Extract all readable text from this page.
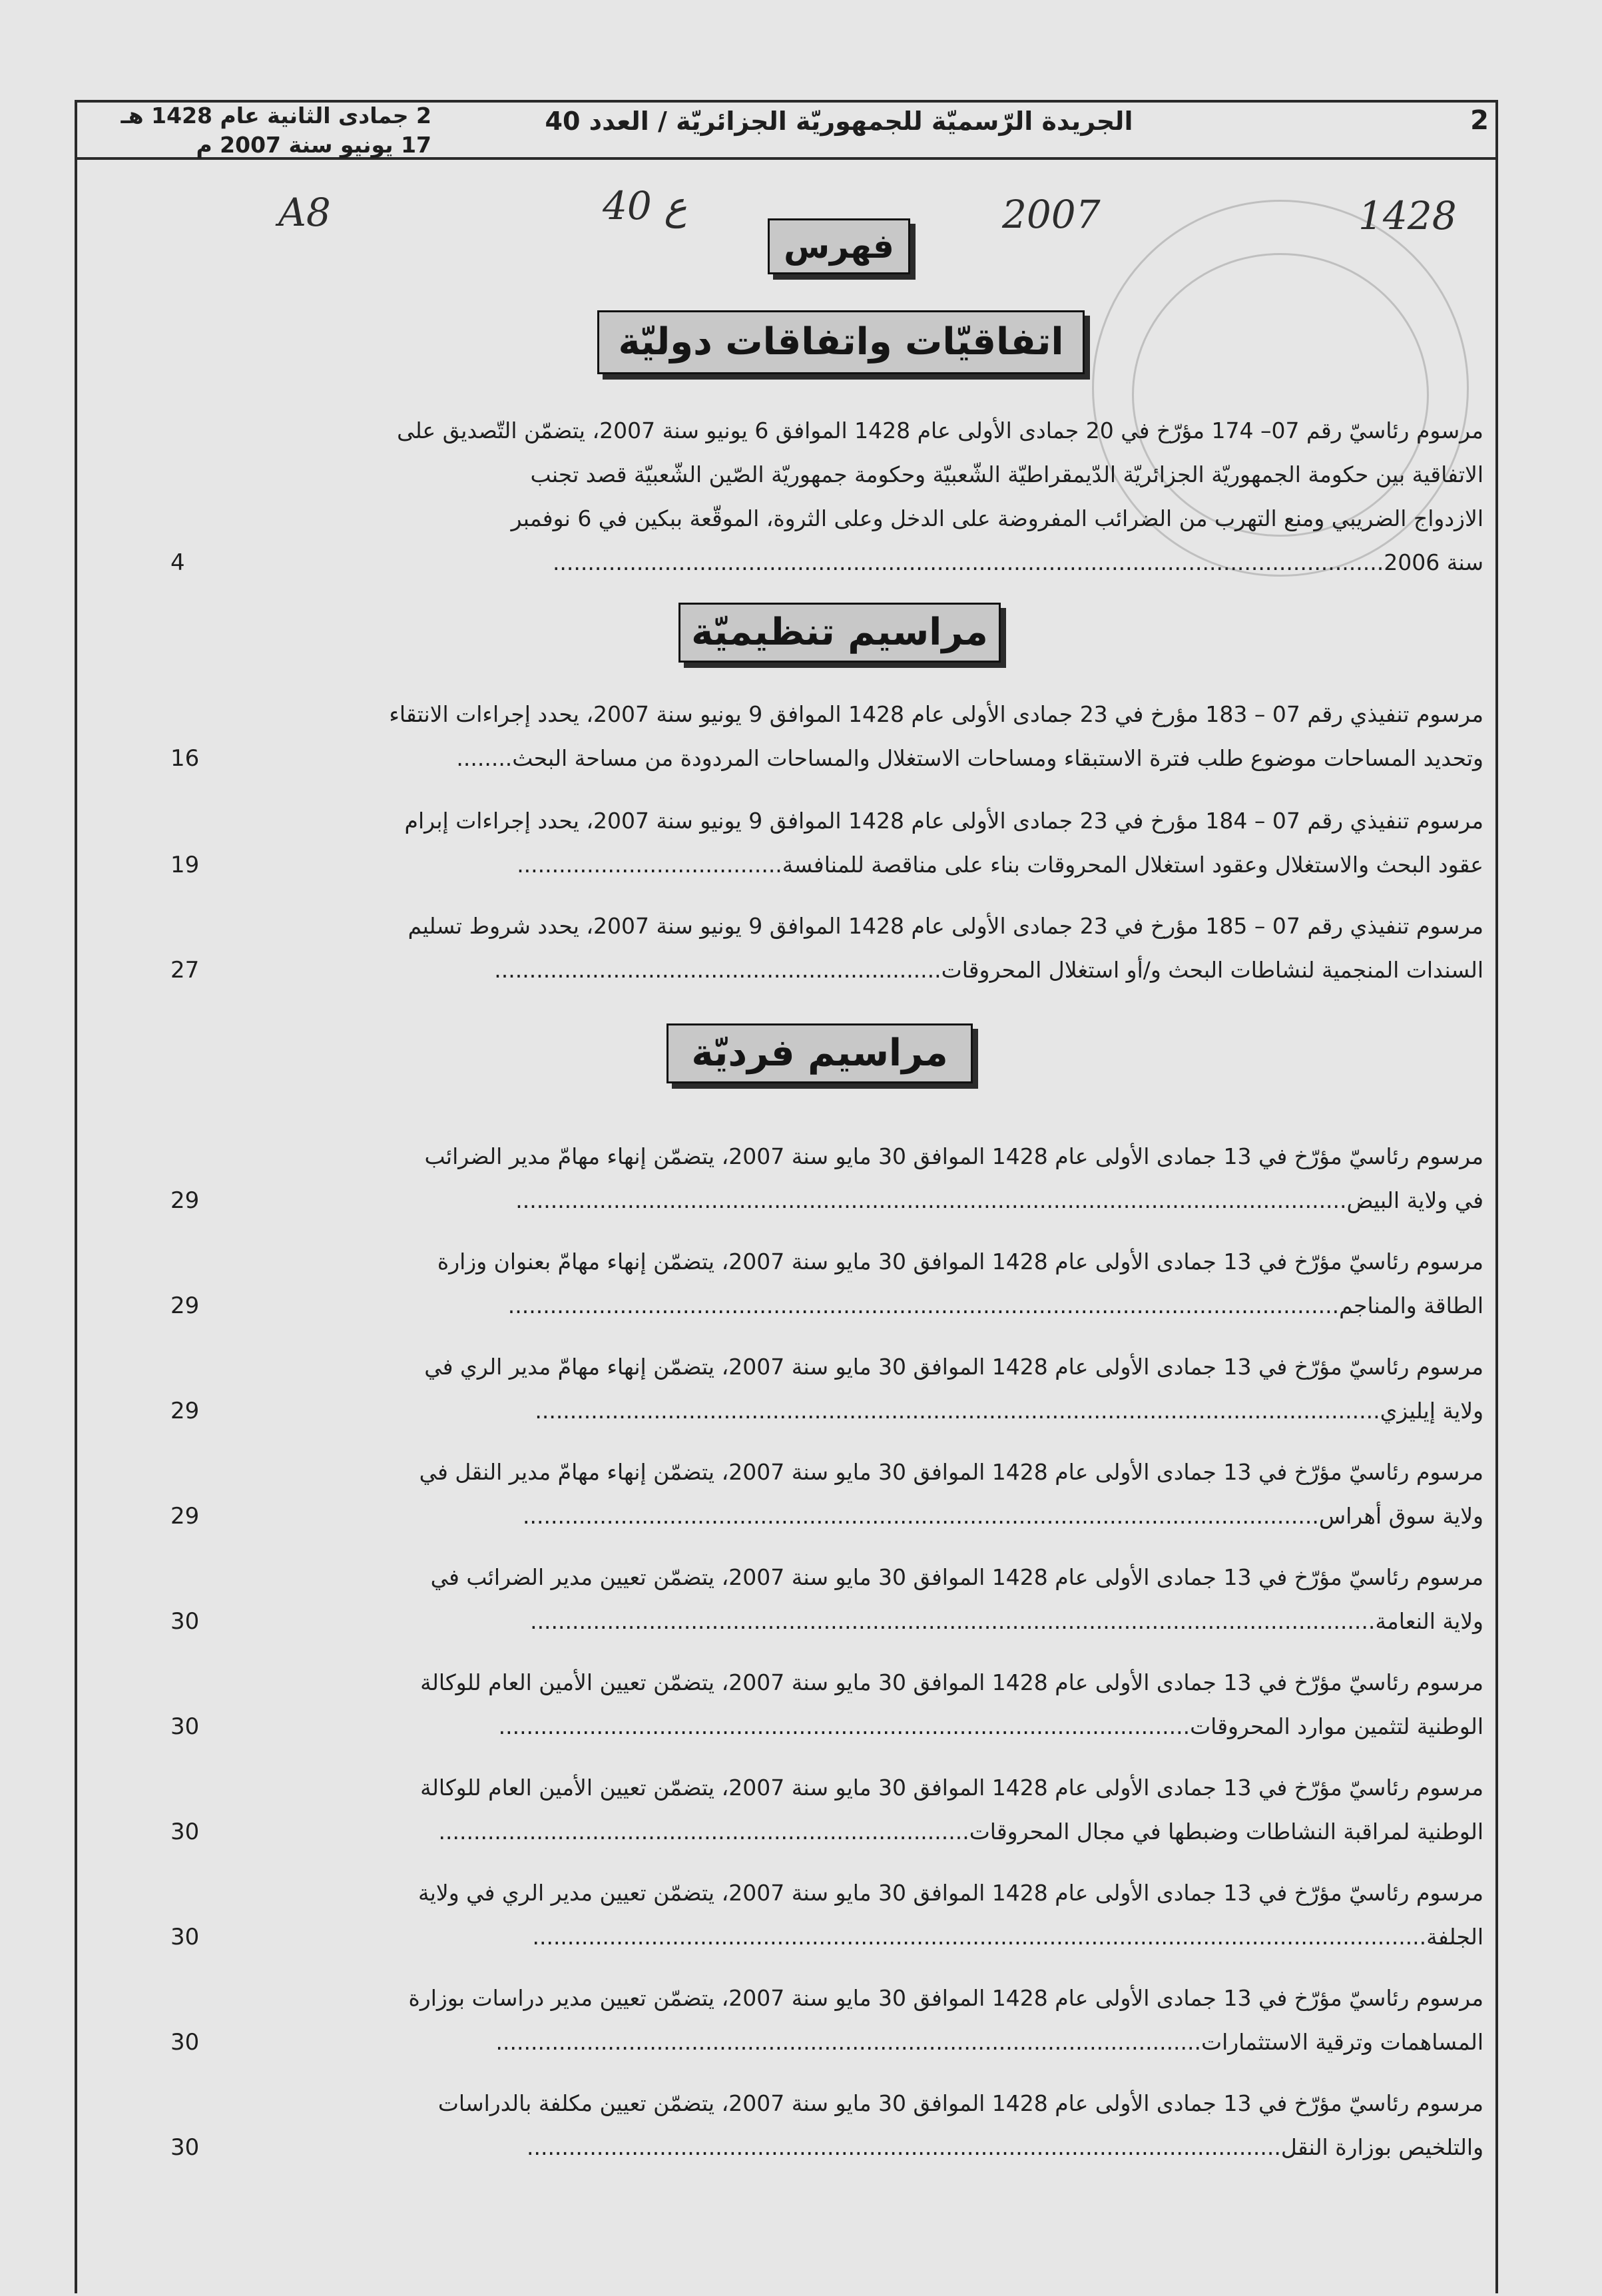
2 جمادى الثانية عام 1428 هـ
17 يونيو سنة 2007 م
الجريدة الرّسميّة للجمهوريّة الجزائريّة / العدد 40	2
A8	40 ع	2007	1428
فهرس
اتفاقيّات واتفاقات دوليّة
مراسيم تنظيميّة
مراسيم فرديّة
مرسوم رئاسيّ رقم 07– 174 مؤرّخ في 20 جمادى الأولى عام 1428 الموافق 6 يونيو سنة 2007، يتضمّن التّصديق على
الاتفاقية بين حكومة الجمهوريّة الجزائريّة الدّيمقراطيّة الشّعبيّة وحكومة جمهوريّة الصّين الشّعبيّة قصد تجنب
الازدواج الضريبي ومنع التهرب من الضرائب المفروضة على الدخل وعلى الثروة، الموقّعة ببكين في 6 نوفمبر
سنة 2006.......................................................................................................................
4
مرسوم تنفيذي رقم 07 – 183 مؤرخ في 23 جمادى الأولى عام 1428 الموافق 9 يونيو سنة 2007، يحدد إجراءات الانتقاء
وتحديد المساحات موضوع طلب فترة الاستبقاء ومساحات الاستغلال والمساحات المردودة من مساحة البحث........
16
مرسوم تنفيذي رقم 07 – 184 مؤرخ في 23 جمادى الأولى عام 1428 الموافق 9 يونيو سنة 2007، يحدد إجراءات إبرام
عقود البحث والاستغلال وعقود استغلال المحروقات بناء على مناقصة للمنافسة......................................
19
مرسوم تنفيذي رقم 07 – 185 مؤرخ في 23 جمادى الأولى عام 1428 الموافق 9 يونيو سنة 2007، يحدد شروط تسليم
السندات المنجمية لنشاطات البحث و/أو استغلال المحروقات................................................................
27
مرسوم رئاسيّ مؤرّخ في 13 جمادى الأولى عام 1428 الموافق 30 مايو سنة 2007، يتضمّن إنهاء مهامّ مدير الضرائب
في ولاية البيض.......................................................................................................................
29
مرسوم رئاسيّ مؤرّخ في 13 جمادى الأولى عام 1428 الموافق 30 مايو سنة 2007، يتضمّن إنهاء مهامّ بعنوان وزارة
الطاقة والمناجم.......................................................................................................................
29
مرسوم رئاسيّ مؤرّخ في 13 جمادى الأولى عام 1428 الموافق 30 مايو سنة 2007، يتضمّن إنهاء مهامّ مدير الري في
ولاية إيليزي.........................................................................................................................
29
مرسوم رئاسيّ مؤرّخ في 13 جمادى الأولى عام 1428 الموافق 30 مايو سنة 2007، يتضمّن إنهاء مهامّ مدير النقل في
ولاية سوق أهراس..................................................................................................................
29
مرسوم رئاسيّ مؤرّخ في 13 جمادى الأولى عام 1428 الموافق 30 مايو سنة 2007، يتضمّن تعيين مدير الضرائب في
ولاية النعامة.........................................................................................................................
30
مرسوم رئاسيّ مؤرّخ في 13 جمادى الأولى عام 1428 الموافق 30 مايو سنة 2007، يتضمّن تعيين الأمين العام للوكالة
الوطنية لتثمين موارد المحروقات...................................................................................................
30
مرسوم رئاسيّ مؤرّخ في 13 جمادى الأولى عام 1428 الموافق 30 مايو سنة 2007، يتضمّن تعيين الأمين العام للوكالة
الوطنية لمراقبة النشاطات وضبطها في مجال المحروقات............................................................................
30
مرسوم رئاسيّ مؤرّخ في 13 جمادى الأولى عام 1428 الموافق 30 مايو سنة 2007، يتضمّن تعيين مدير الري في ولاية
الجلفة................................................................................................................................
30
مرسوم رئاسيّ مؤرّخ في 13 جمادى الأولى عام 1428 الموافق 30 مايو سنة 2007، يتضمّن تعيين مدير دراسات بوزارة
المساهمات وترقية الاستثمارات.....................................................................................................
30
مرسوم رئاسيّ مؤرّخ في 13 جمادى الأولى عام 1428 الموافق 30 مايو سنة 2007، يتضمّن تعيين مكلفة بالدراسات
والتلخيص بوزارة النقل............................................................................................................
30
